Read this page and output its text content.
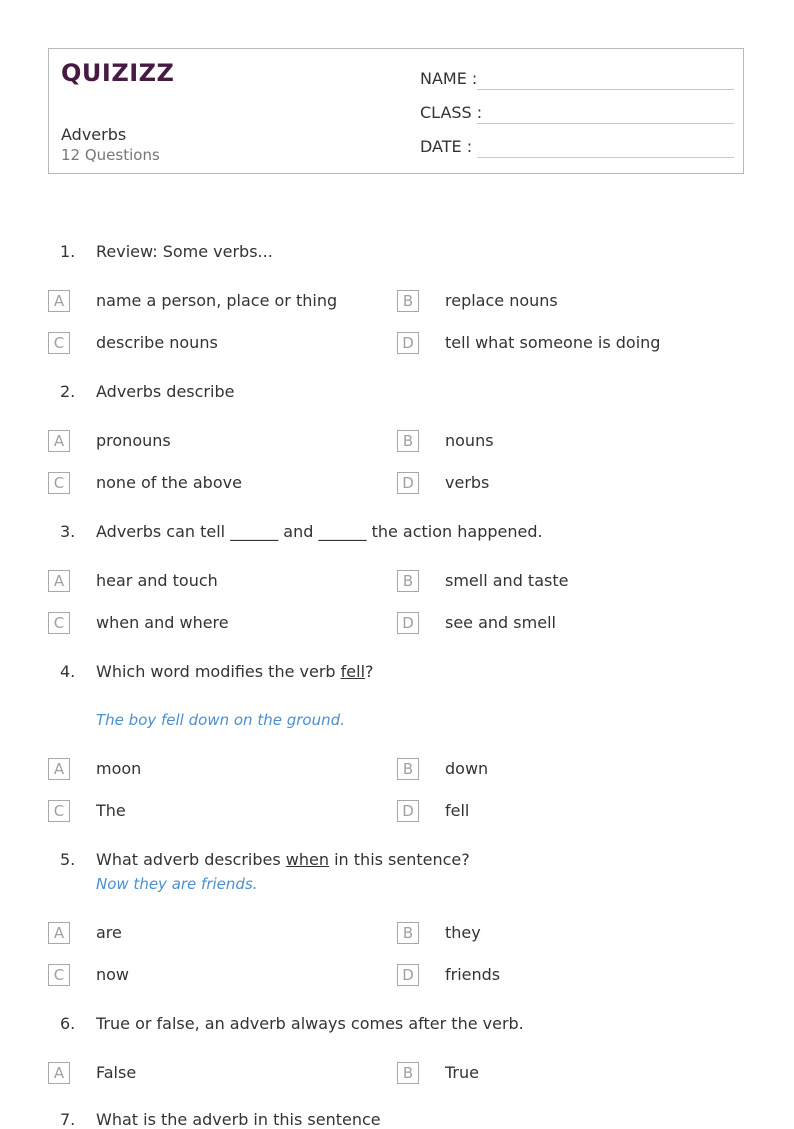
QUIZIZZ
Adverbs
12 Questions
NAME :
CLASS :
DATE :
1. Review: Some verbs...
A	name a person, place or thing	B	replace nouns
C	describe nouns	D	tell what someone is doing
2. Adverbs describe
A	pronouns	B	nouns
C	none of the above	D	verbs
3. Adverbs can tell ______ and ______ the action happened.
A	hear and touch	B	smell and taste
C	when and where	D	see and smell
4. Which word modifies the verb fell?
The boy fell down on the ground.
A	moon	B	down
C	The	D	fell
5. What adverb describes when in this sentence?
Now they are friends.
A	are	B	they
C	now	D	friends
6. True or false, an adverb always comes after the verb.
A	False	B	True
7. What is the adverb in this sentence
